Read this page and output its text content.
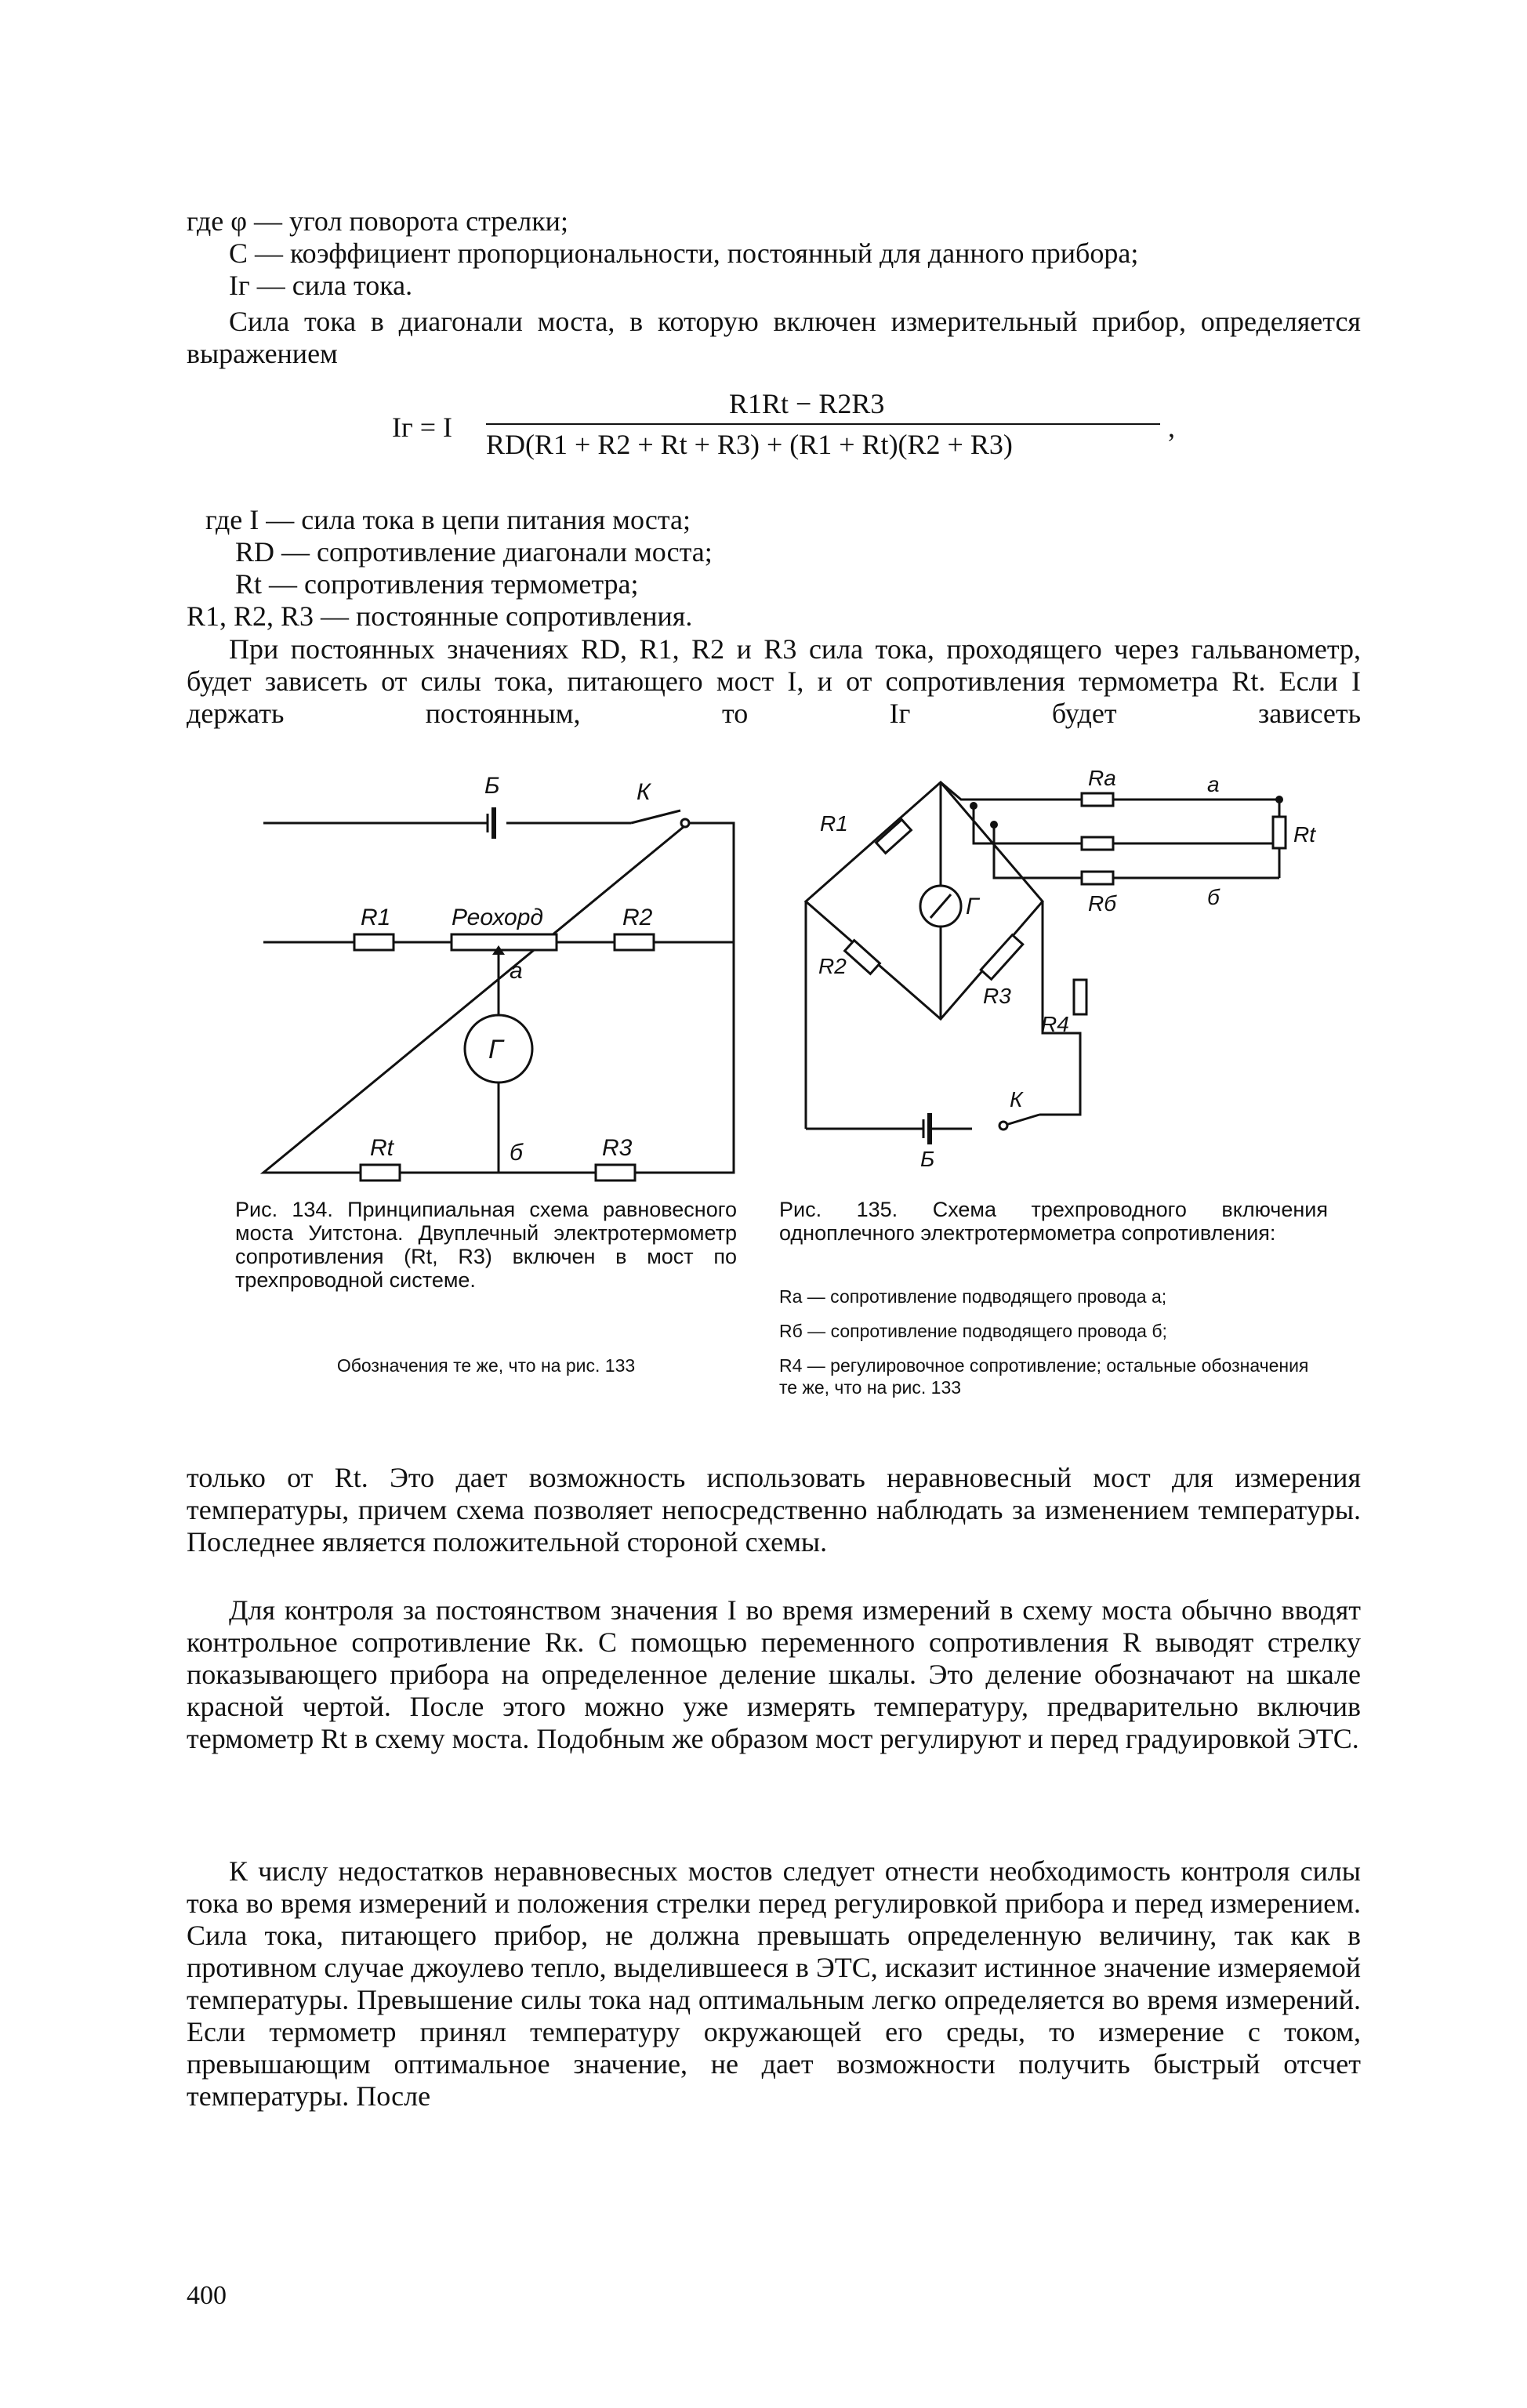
где φ — угол поворота стрелки;
C — коэффициент пропорциональности, постоянный для данного прибора;
Iг — сила тока.
Сила тока в диагонали моста, в которую включен измерительный прибор, определяется выражением
Iг = I
R1Rt − R2R3
RD(R1 + R2 + Rt + R3) + (R1 + Rt)(R2 + R3)
,
где I — сила тока в цепи питания моста;
RD — сопротивление диагонали моста;
Rt — сопротивления термометра;
R1, R2, R3 — постоянные сопротивления.
При постоянных значениях RD, R1, R2 и R3 сила тока, проходящего через гальванометр, будет зависеть от силы тока, питающего мост I, и от сопротивления термометра Rt. Если I держать постоянным, то Iг будет зависеть
Б	К
R1	Реохорд	R2
a
Г
Rt	б	R3
Рис. 134. Принципиальная схема равновесного моста Уитстона. Двуплечный электротермометр сопротивления (Rt, R3) включен в мост по трехпроводной системе.
Обозначения те же, что на рис. 133
R1
Ra	a
Rt
Г	Rб	б
R2
R3
R4
К
Б
Рис. 135. Схема трехпроводного включения одноплечного электротермометра сопротивления:
Ra — сопротивление подводящего провода a;
Rб — сопротивление подводящего провода б;
R4 — регулировочное сопротивление; остальные обозначения те же, что на рис. 133
только от Rt. Это дает возможность использовать неравновесный мост для измерения температуры, причем схема позволяет непосредственно наблюдать за изменением температуры. Последнее является положительной стороной схемы.
Для контроля за постоянством значения I во время измерений в схему моста обычно вводят контрольное сопротивление Rк. С помощью переменного сопротивления R выводят стрелку показывающего прибора на определенное деление шкалы. Это деление обозначают на шкале красной чертой. После этого можно уже измерять температуру, предварительно включив термометр Rt в схему моста. Подобным же образом мост регулируют и перед градуировкой ЭТС.
К числу недостатков неравновесных мостов следует отнести необходимость контроля силы тока во время измерений и положения стрелки перед регулировкой прибора и перед измерением. Сила тока, питающего прибор, не должна превышать определенную величину, так как в противном случае джоулево тепло, выделившееся в ЭТС, исказит истинное значение измеряемой температуры. Превышение силы тока над оптимальным легко определяется во время измерений. Если термометр принял температуру окружающей его среды, то измерение с током, превышающим оптимальное значение, не дает возможности получить быстрый отсчет температуры. После
400
